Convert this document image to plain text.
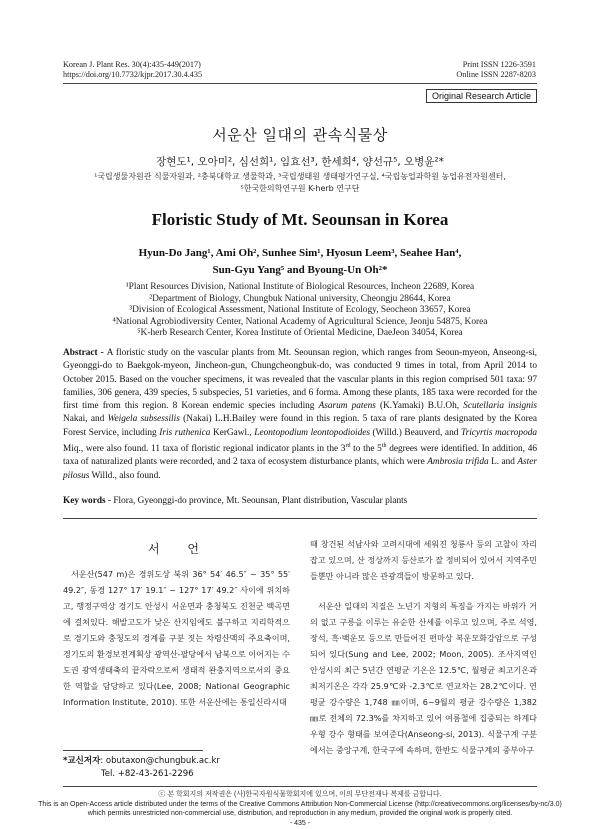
Korean J. Plant Res. 30(4):435-449(2017)
https://doi.org/10.7732/kjpr.2017.30.4.435
Print ISSN 1226-3591
Online ISSN 2287-8203
Original Research Article
서운산 일대의 관속식물상
장현도¹, 오아미², 심선희¹, 임효선³, 한세희⁴, 양선규⁵, 오병윤²*
¹국립생물자원관 식물자원과, ²충북대학교 생물학과, ³국립생태원 생태평가연구실, ⁴국립농업과학원 농업유전자원센터,
⁵한국한의학연구원 K-herb 연구단
Floristic Study of Mt. Seounsan in Korea
Hyun-Do Jang¹, Ami Oh², Sunhee Sim¹, Hyosun Leem³, Seahee Han⁴,
Sun-Gyu Yang⁵ and Byoung-Un Oh²*
¹Plant Resources Division, National Institute of Biological Resources, Incheon 22689, Korea
²Department of Biology, Chungbuk National university, Cheongju 28644, Korea
³Division of Ecological Assessment, National Institute of Ecology, Seocheon 33657, Korea
⁴National Agrobiodiversity Center, National Academy of Agricultural Science, Jeonju 54875, Korea
⁵K-herb Research Center, Korea Institute of Oriental Medicine, DaeJeon 34054, Korea
Abstract - A floristic study on the vascular plants from Mt. Seounsan region, which ranges from Seoun-myeon, Anseong-si, Gyeonggi-do to Baekgok-myeon, Jincheon-gun, Chungcheongbuk-do, was conducted 9 times in total, from April 2014 to October 2015. Based on the voucher specimens, it was revealed that the vascular plants in this region comprised 501 taxa: 97 families, 306 genera, 439 species, 5 subspecies, 51 varieties, and 6 forma. Among these plants, 185 taxa were recorded for the first time from this region. 8 Korean endemic species including Asarum patens (K.Yamaki) B.U.Oh, Scutellaria insignis Nakai, and Weigela subsessilis (Nakai) L.H.Bailey were found in this region. 5 taxa of rare plants designated by the Korea Forest Service, including Iris ruthenica KerGawl., Leontopodium leontopodioides (Willd.) Beauverd, and Tricyrtis macropoda Miq., were also found. 11 taxa of floristic regional indicator plants in the 3rd to the 5th degrees were identified. In addition, 46 taxa of naturalized plants were recorded, and 2 taxa of ecosystem disturbance plants, which were Ambrosia trifida L. and Aster pilosus Willd., also found.
Key words - Flora, Gyeonggi-do province, Mt. Seounsan, Plant distribution, Vascular plants
서 언

서운산(547 m)은 경위도상 북위 36° 54′ 46.5″ ~ 35° 55′ 49.2″, 동경 127° 17′ 19.1″ ~ 127° 17′ 49.2″ 사이에 위치하고, 행정구역상 경기도 안성시 서운면과 충청북도 진천군 백곡면에 걸쳐있다. 해발고도가 낮은 산지임에도 불구하고 지리학적으로 경기도와 충청도의 경계를 구분 짓는 차령산맥의 주요축이며, 경기도의 환경보전계획상 광역산-팔당에서 남북으로 이어지는 수도권 광역생태축의 끝자락으로써 생태적 완충지역으로서의 중요한 역할을 담당하고 있다(Lee, 2008; National Geographic Information Institute, 2010). 또한 서운산에는 통일신라시대

*교신저자: obutaxon@chungbuk.ac.kr
Tel. +82-43-261-2296

때 창건된 석남사와 고려시대에 세워진 청룡사 등의 고찰이 자리 잡고 있으며, 산 정상까지 등산로가 잘 정비되어 있어서 지역주민들뿐만 아니라 많은 관광객들이 방문하고 있다.

서운산 일대의 지질은 노년기 지형의 특징을 가지는 바위가 거의 없고 구릉을 이루는 유순한 산세를 이루고 있으며, 주로 석영, 장석, 흑·백운모 등으로 만들어진 편마상 복운모화강암으로 구성되어 있다(Sung and Lee, 2002; Moon, 2005). 조사지역인 안성시의 최근 5년간 연평균 기온은 12.5℃, 월평균 최고기온과 최저기온은 각각 25.9℃와 -2.3℃로 연교차는 28.2℃이다. 연평균 강수량은 1,748 ㎜이며, 6~9월의 평균 강수량은 1,382 ㎜로 전체의 72.3%를 차지하고 있어 여름철에 집중되는 하계다우형 강수 형태를 보여준다(Anseong-si, 2013). 식물구계 구분에서는 중앙구계, 한국구에 속하며, 한반도 식물구계의 중부아구

ⓒ 본 학회지의 저작권은 (사)한국자원식물학회지에 있으며, 이의 무단전재나 복제를 금합니다.
This is an Open-Access article distributed under the terms of the Creative Commons Attribution Non-Commercial License (http://creativecommons.org/licenses/by-nc/3.0)
which permits unrestricted non-commercial use, distribution, and reproduction in any medium, provided the original work is properly cited.
- 435 -
